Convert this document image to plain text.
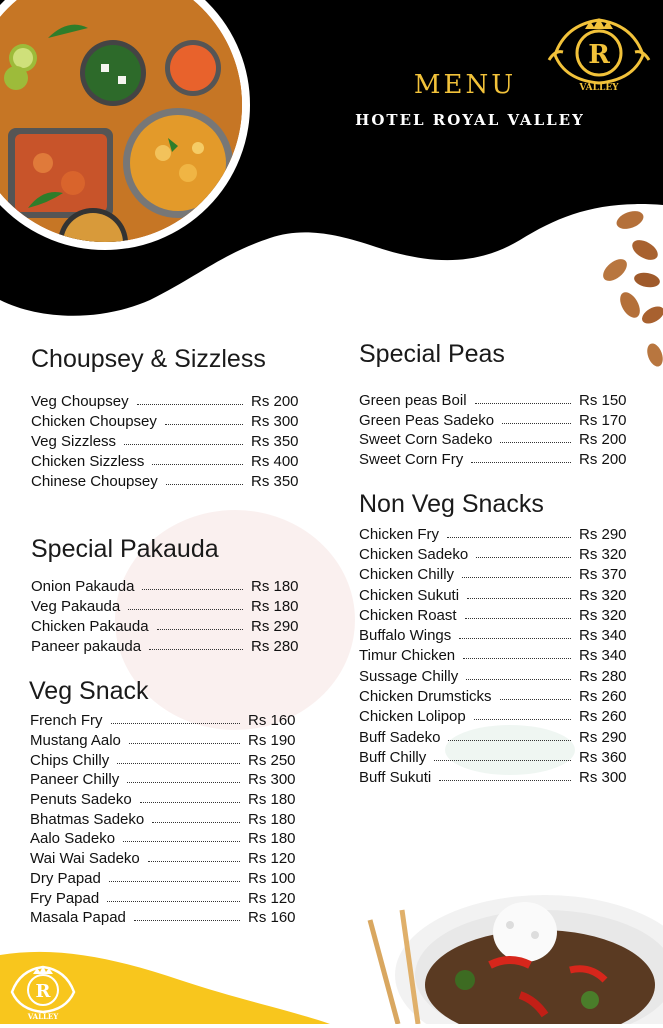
MENU
HOTEL ROYAL VALLEY
R
VALLEY
Choupsey & Sizzless
Veg Choupsey	Rs 200
Chicken Choupsey	Rs 300
Veg Sizzless	Rs 350
Chicken Sizzless	Rs 400
Chinese Choupsey	Rs 350
Special Pakauda
Onion Pakauda	Rs 180
Veg Pakauda	Rs 180
Chicken Pakauda	Rs 290
Paneer pakauda	Rs 280
Veg Snack
French Fry	Rs 160
Mustang Aalo	Rs 190
Chips Chilly	Rs 250
Paneer Chilly	Rs 300
Penuts Sadeko	Rs 180
Bhatmas Sadeko	Rs 180
Aalo Sadeko	Rs 180
Wai Wai Sadeko	Rs 120
Dry Papad	Rs 100
Fry Papad	Rs 120
Masala Papad	Rs 160
Special Peas
Green peas Boil	Rs 150
Green Peas Sadeko	Rs 170
Sweet Corn Sadeko	Rs 200
Sweet Corn Fry	Rs 200
Non Veg Snacks
Chicken Fry	Rs 290
Chicken Sadeko	Rs 320
Chicken Chilly	Rs 370
Chicken Sukuti	Rs 320
Chicken Roast	Rs 320
Buffalo Wings	Rs 340
Timur Chicken	Rs 340
Sussage Chilly	Rs 280
Chicken Drumsticks	Rs 260
Chicken Lolipop	Rs 260
Buff Sadeko	Rs 290
Buff Chilly	Rs 360
Buff Sukuti	Rs 300
R
VALLEY
